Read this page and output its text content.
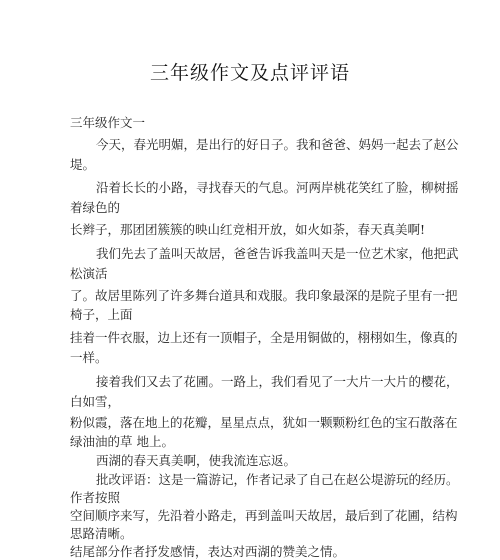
三年级作文及点评评语
三年级作文一
今天，春光明媚，是出行的好日子。我和爸爸、妈妈一起去了赵公
堤。
沿着长长的小路，寻找春天的气息。河两岸桃花笑红了脸，柳树摇
着绿色的
长辫子，那团团簇簇的映山红竞相开放，如火如荼，春天真美啊!
我们先去了盖叫天故居，爸爸告诉我盖叫天是一位艺术家，他把武
松演活
了。故居里陈列了许多舞台道具和戏服。我印象最深的是院子里有一把
椅子，上面
挂着一件衣服，边上还有一顶帽子，全是用铜做的，栩栩如生，像真的
一样。
接着我们又去了花圃。一路上，我们看见了一大片一大片的樱花，
白如雪，
粉似霞，落在地上的花瓣，星星点点，犹如一颗颗粉红色的宝石散落在
绿油油的草 地上。
西湖的春天真美啊，使我流连忘返。
批改评语：这是一篇游记，作者记录了自己在赵公堤游玩的经历。
作者按照
空间顺序来写，先沿着小路走，再到盖叫天故居，最后到了花圃，结构
思路清晰。
结尾部分作者抒发感情，表达对西湖的赞美之情。
